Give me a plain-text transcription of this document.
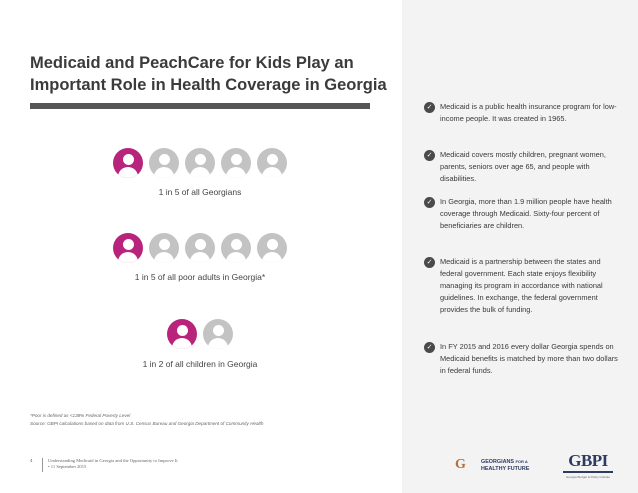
Medicaid and PeachCare for Kids Play an Important Role in Health Coverage in Georgia
1 in 5 of all Georgians
1 in 5 of all poor adults in Georgia*
1 in 2 of all children in Georgia
✓	Medicaid is a public health insurance program for low-income people. It was created in 1965.
✓	Medicaid covers mostly children, pregnant women, parents, seniors over age 65, and people with disabilities.
✓	In Georgia, more than 1.9 million people have health coverage through Medicaid. Sixty-four percent of beneficiaries are children.
✓	Medicaid is a partnership between the states and federal government. Each state enjoys flexibility managing its program in accordance with national guidelines. In exchange, the federal government provides the bulk of funding.
✓	In FY 2015 and 2016 every dollar Georgia spends on Medicaid benefits is matched by more than two dollars in federal funds.
*Poor is defined as <138% Federal Poverty Level
Source: GBPI calculations based on data from U.S. Census Bureau and Georgia Department of Community Health
4	Understanding Medicaid in Georgia and the Opportunity to Improve It
• 11 September 2015	G	GEORGIANS FOR A
HEALTHY FUTURE	GBPI
Georgia Budget & Policy Institute
